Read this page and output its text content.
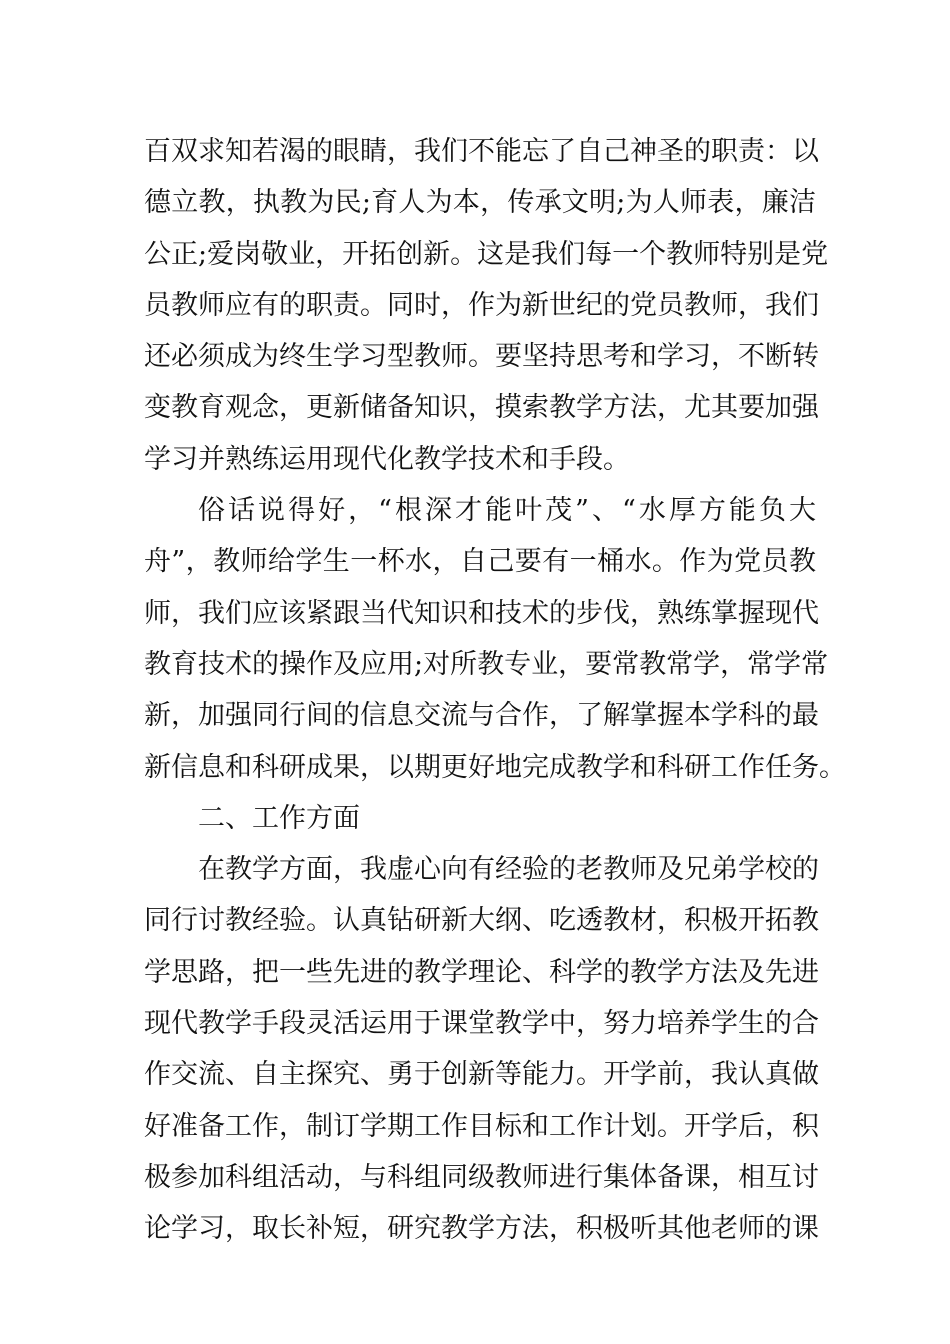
百双求知若渴的眼睛，我们不能忘了自己神圣的职责：以
德立教，执教为民;育人为本，传承文明;为人师表，廉洁
公正;爱岗敬业，开拓创新。这是我们每一个教师特别是党
员教师应有的职责。同时，作为新世纪的党员教师，我们
还必须成为终生学习型教师。要坚持思考和学习，不断转
变教育观念，更新储备知识，摸索教学方法，尤其要加强
学习并熟练运用现代化教学技术和手段。
俗话说得好，“根深才能叶茂”、“水厚方能负大
舟”，教师给学生一杯水，自己要有一桶水。作为党员教
师，我们应该紧跟当代知识和技术的步伐，熟练掌握现代
教育技术的操作及应用;对所教专业，要常教常学，常学常
新，加强同行间的信息交流与合作，了解掌握本学科的最
新信息和科研成果，以期更好地完成教学和科研工作任务。
二、工作方面
在教学方面，我虚心向有经验的老教师及兄弟学校的
同行讨教经验。认真钻研新大纲、吃透教材，积极开拓教
学思路，把一些先进的教学理论、科学的教学方法及先进
现代教学手段灵活运用于课堂教学中，努力培养学生的合
作交流、自主探究、勇于创新等能力。开学前，我认真做
好准备工作，制订学期工作目标和工作计划。开学后，积
极参加科组活动，与科组同级教师进行集体备课，相互讨
论学习，取长补短，研究教学方法，积极听其他老师的课
